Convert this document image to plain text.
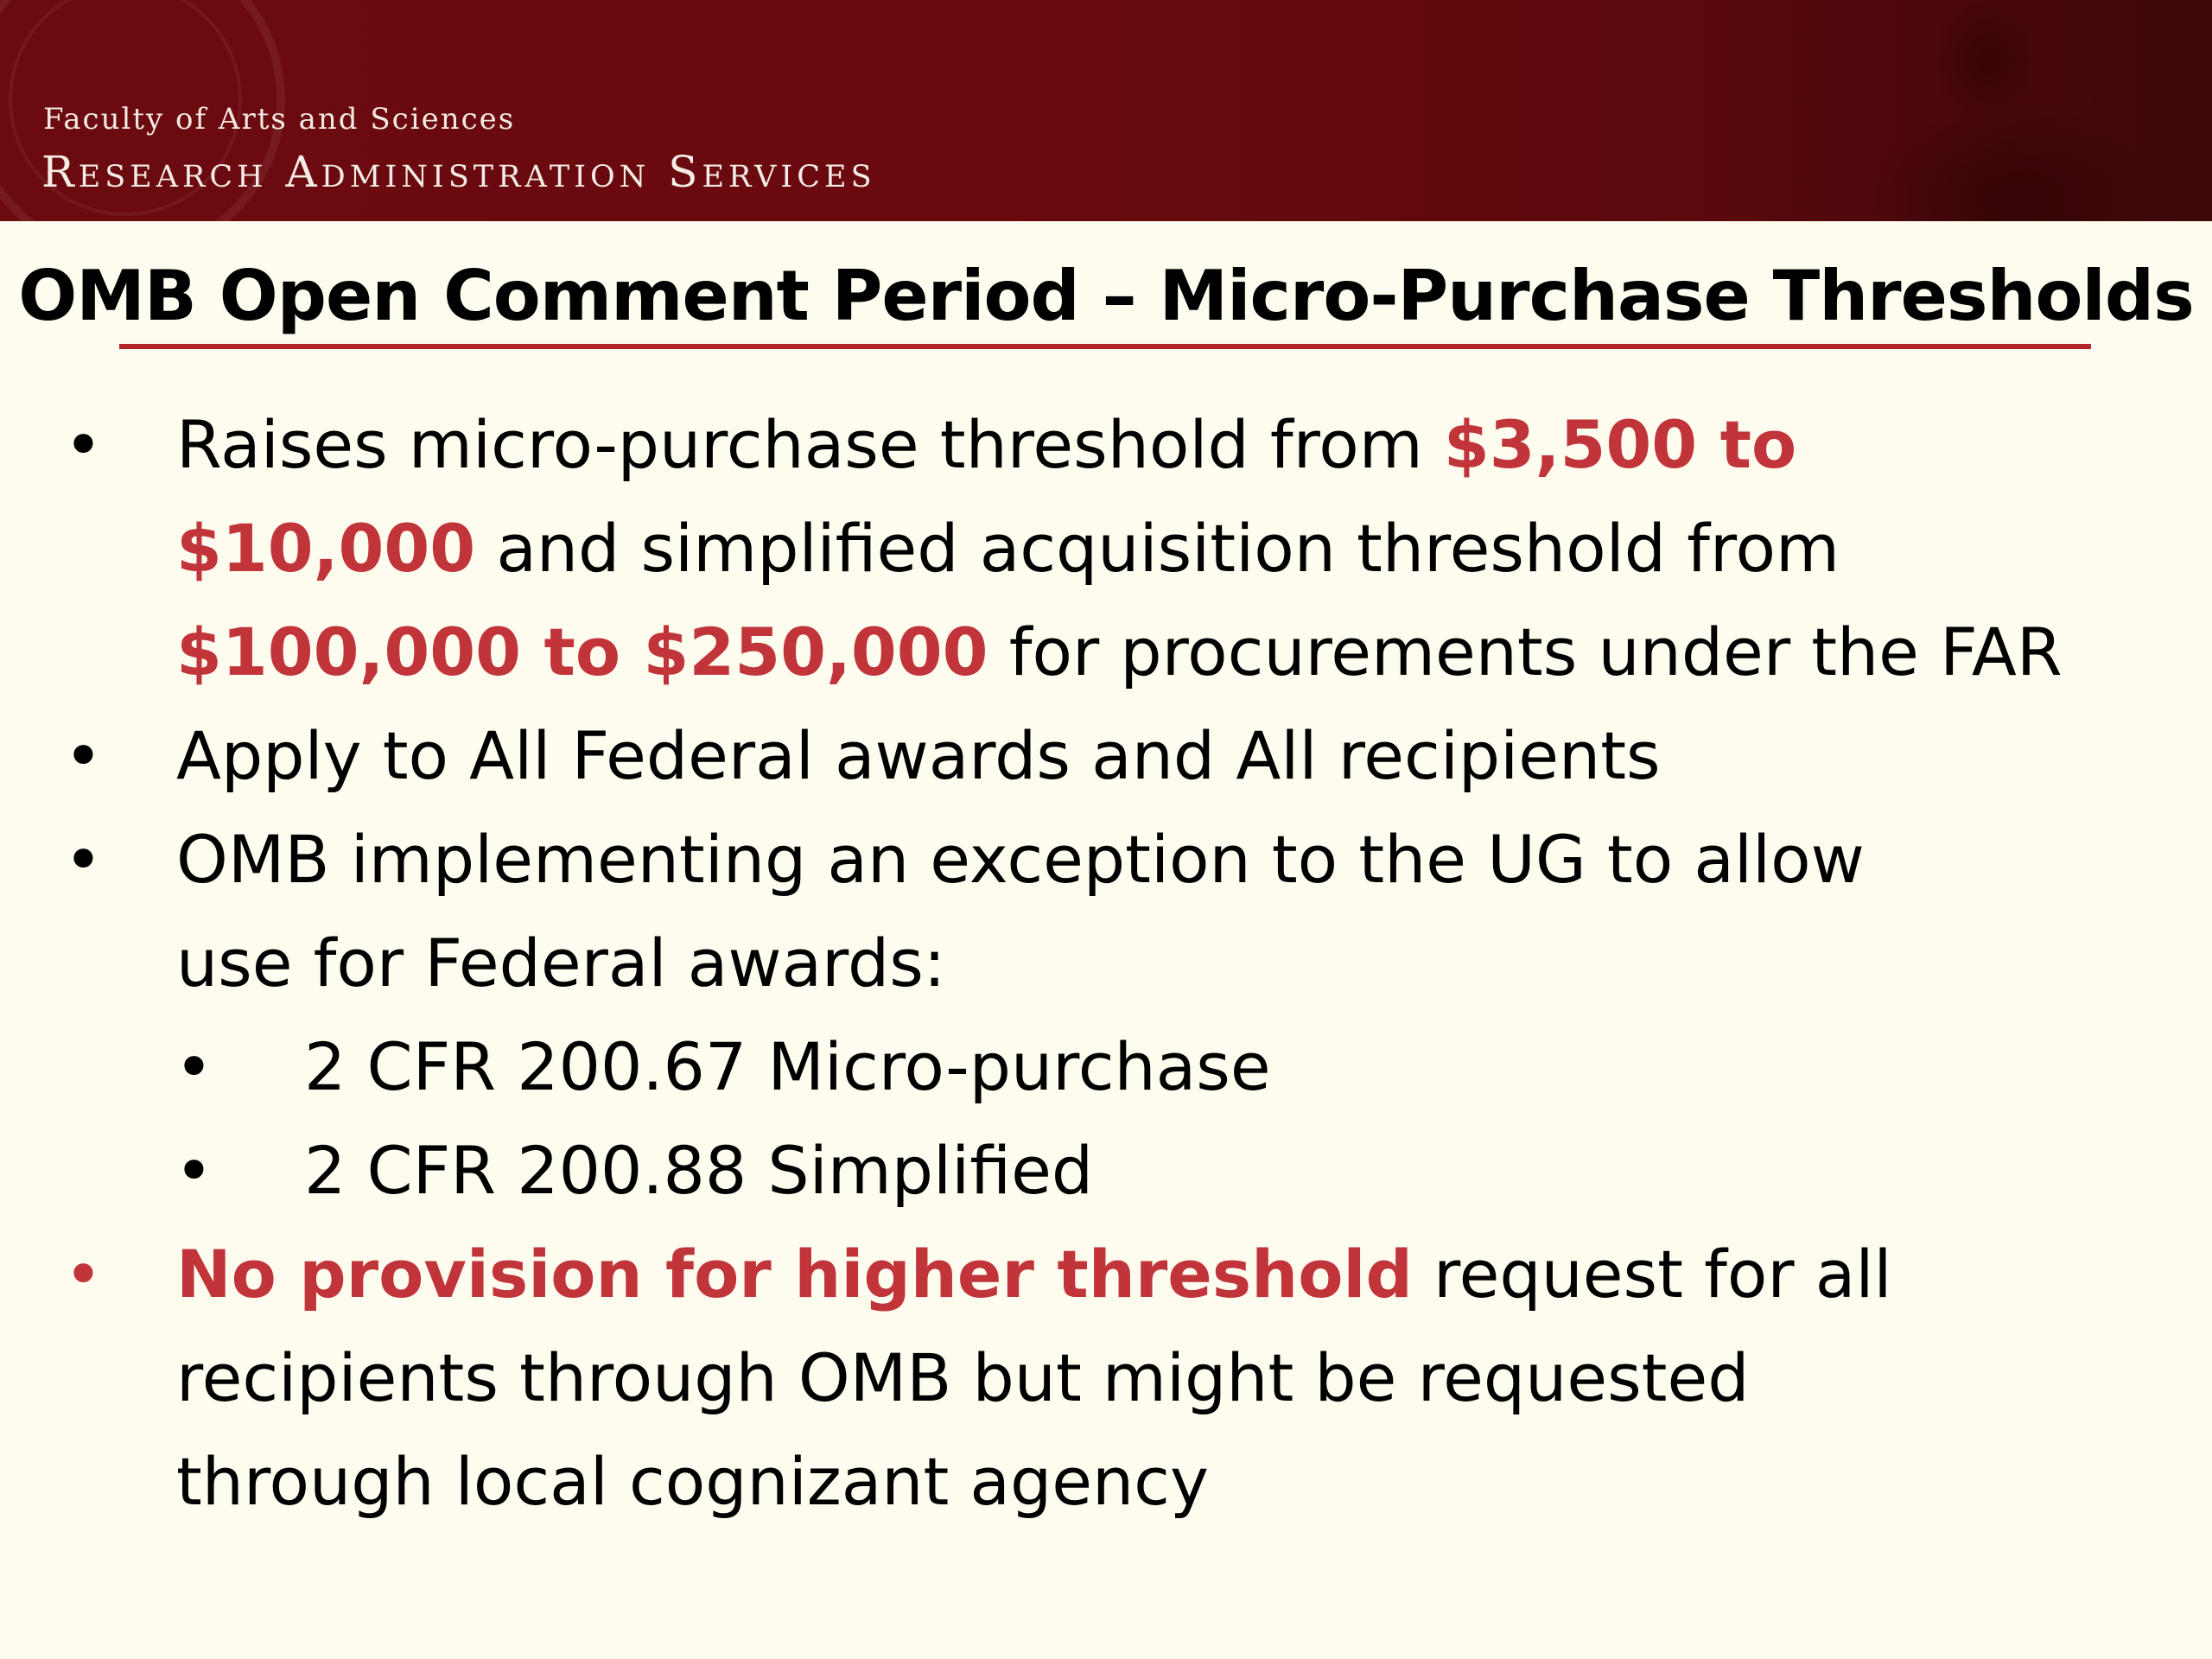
Faculty of Arts and Sciences

Research Administration Services

OMB Open Comment Period – Micro-Purchase Thresholds
• Raises micro-purchase threshold from $3,500 to
$10,000 and simplified acquisition threshold from
$100,000 to $250,000 for procurements under the FAR
• Apply to All Federal awards and All recipients
• OMB implementing an exception to the UG to allow
use for Federal awards:
• 2 CFR 200.67 Micro-purchase
• 2 CFR 200.88 Simplified
• No provision for higher threshold request for all
recipients through OMB but might be requested
through local cognizant agency
